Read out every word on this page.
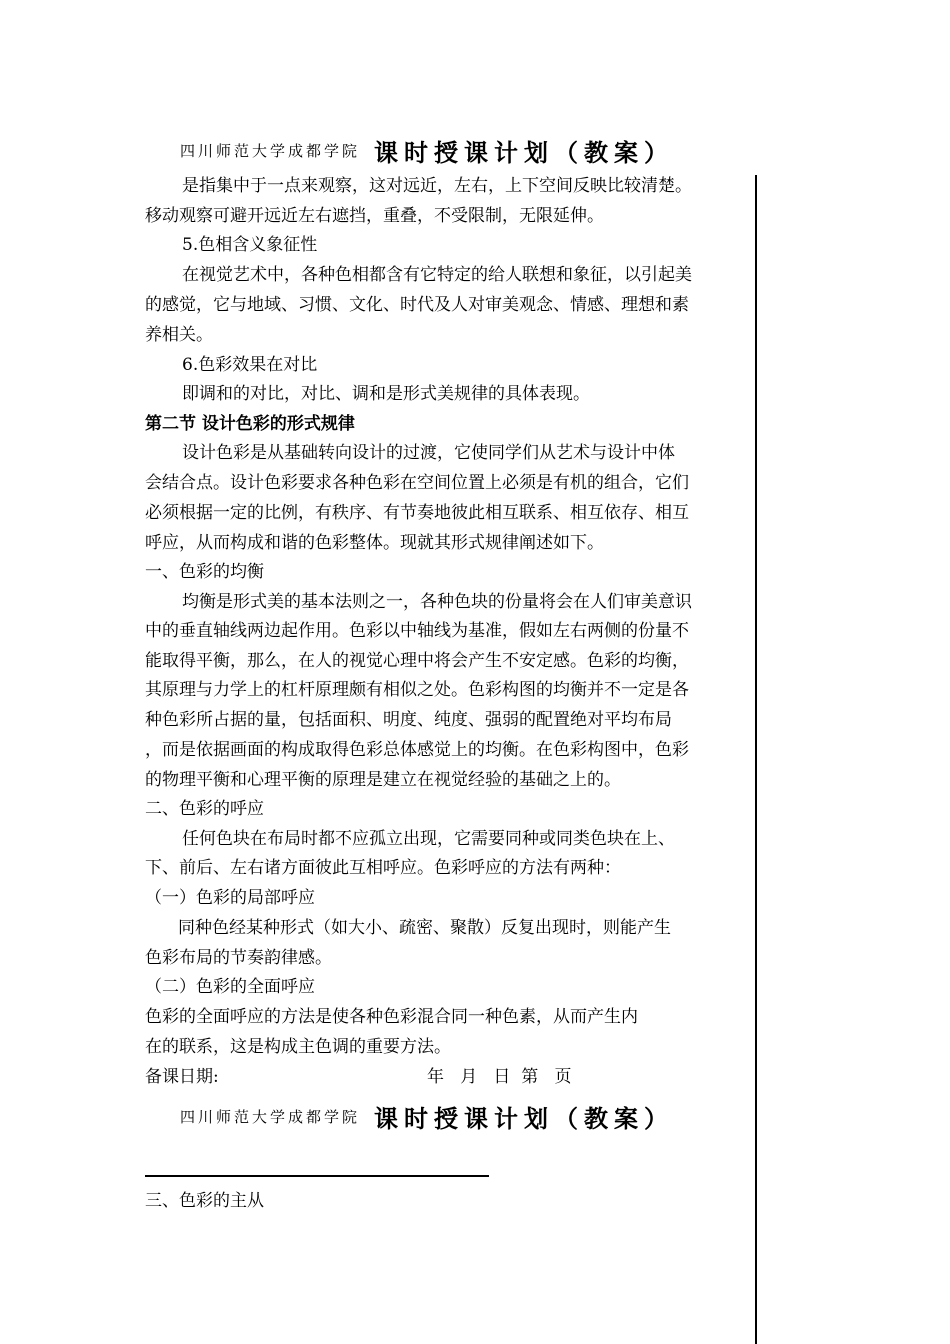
四川师范大学成都学院 课时授课计划（教案）
是指集中于一点来观察，这对远近，左右，上下空间反映比较清楚。
移动观察可避开远近左右遮挡，重叠，不受限制，无限延伸。
5.色相含义象征性
在视觉艺术中，各种色相都含有它特定的给人联想和象征，以引起美
的感觉，它与地域、习惯、文化、时代及人对审美观念、情感、理想和素
养相关。
6.色彩效果在对比
即调和的对比，对比、调和是形式美规律的具体表现。
第二节 设计色彩的形式规律
设计色彩是从基础转向设计的过渡，它使同学们从艺术与设计中体
会结合点。设计色彩要求各种色彩在空间位置上必须是有机的组合，它们
必须根据一定的比例，有秩序、有节奏地彼此相互联系、相互依存、相互
呼应，从而构成和谐的色彩整体。现就其形式规律阐述如下。
一、色彩的均衡
均衡是形式美的基本法则之一，各种色块的份量将会在人们审美意识
中的垂直轴线两边起作用。色彩以中轴线为基准，假如左右两侧的份量不
能取得平衡，那么，在人的视觉心理中将会产生不安定感。色彩的均衡，
其原理与力学上的杠杆原理颇有相似之处。色彩构图的均衡并不一定是各
种色彩所占据的量，包括面积、明度、纯度、强弱的配置绝对平均布局
，而是依据画面的构成取得色彩总体感觉上的均衡。在色彩构图中，色彩
的物理平衡和心理平衡的原理是建立在视觉经验的基础之上的。
二、色彩的呼应
任何色块在布局时都不应孤立出现，它需要同种或同类色块在上、
下、前后、左右诸方面彼此互相呼应。色彩呼应的方法有两种：
（一）色彩的局部呼应
同种色经某种形式（如大小、疏密、聚散）反复出现时，则能产生
色彩布局的节奏韵律感。
（二）色彩的全面呼应
色彩的全面呼应的方法是使各种色彩混合同一种色素，从而产生内
在的联系，这是构成主色调的重要方法。
备课日期:	年   月   日  第   页
四川师范大学成都学院 课时授课计划（教案）
三、色彩的主从
